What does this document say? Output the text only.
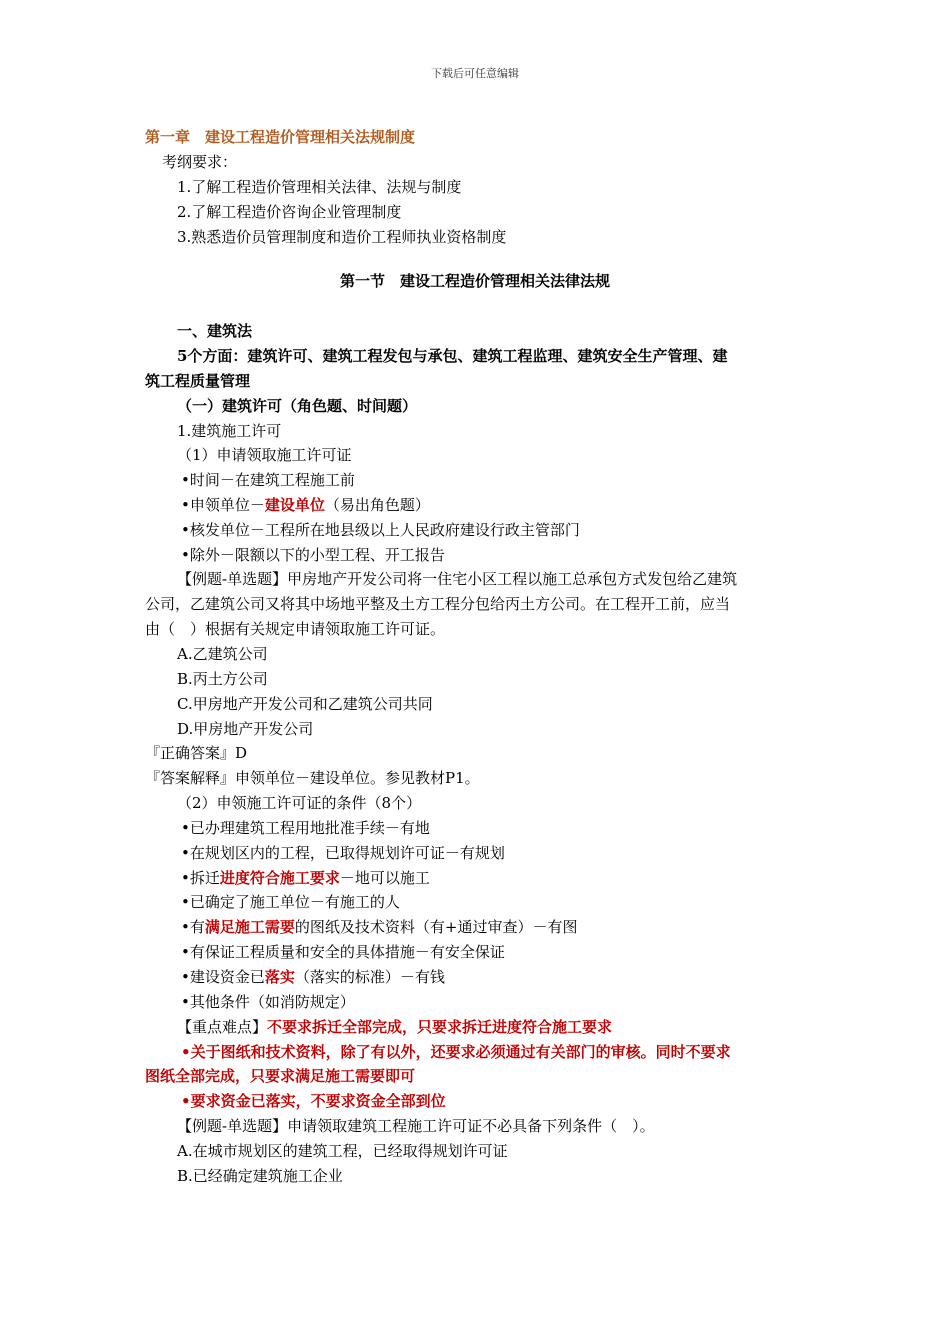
下载后可任意编辑
第一章　建设工程造价管理相关法规制度
考纲要求：
1.了解工程造价管理相关法律、法规与制度
2.了解工程造价咨询企业管理制度
3.熟悉造价员管理制度和造价工程师执业资格制度
第一节　建设工程造价管理相关法律法规
一、建筑法
5个方面：建筑许可、建筑工程发包与承包、建筑工程监理、建筑安全生产管理、建
筑工程质量管理
（一）建筑许可（角色题、时间题）
1.建筑施工许可
（1）申请领取施工许可证
•时间－在建筑工程施工前
•申领单位－建设单位（易出角色题）
•核发单位－工程所在地县级以上人民政府建设行政主管部门
•除外－限额以下的小型工程、开工报告
【例题-单选题】甲房地产开发公司将一住宅小区工程以施工总承包方式发包给乙建筑
公司，乙建筑公司又将其中场地平整及土方工程分包给丙土方公司。在工程开工前，应当
由（　）根据有关规定申请领取施工许可证。
A.乙建筑公司
B.丙土方公司
C.甲房地产开发公司和乙建筑公司共同
D.甲房地产开发公司
『正确答案』D
『答案解释』申领单位－建设单位。参见教材P1。
（2）申领施工许可证的条件（8个）
•已办理建筑工程用地批准手续－有地
•在规划区内的工程，已取得规划许可证－有规划
•拆迁进度符合施工要求－地可以施工
•已确定了施工单位－有施工的人
•有满足施工需要的图纸及技术资料（有+通过审查）－有图
•有保证工程质量和安全的具体措施－有安全保证
•建设资金已落实（落实的标准）－有钱
•其他条件（如消防规定）
【重点难点】不要求拆迁全部完成，只要求拆迁进度符合施工要求
•关于图纸和技术资料，除了有以外，还要求必须通过有关部门的审核。同时不要求
图纸全部完成，只要求满足施工需要即可
•要求资金已落实，不要求资金全部到位
【例题-单选题】申请领取建筑工程施工许可证不必具备下列条件（　）。
A.在城市规划区的建筑工程，已经取得规划许可证
B.已经确定建筑施工企业
